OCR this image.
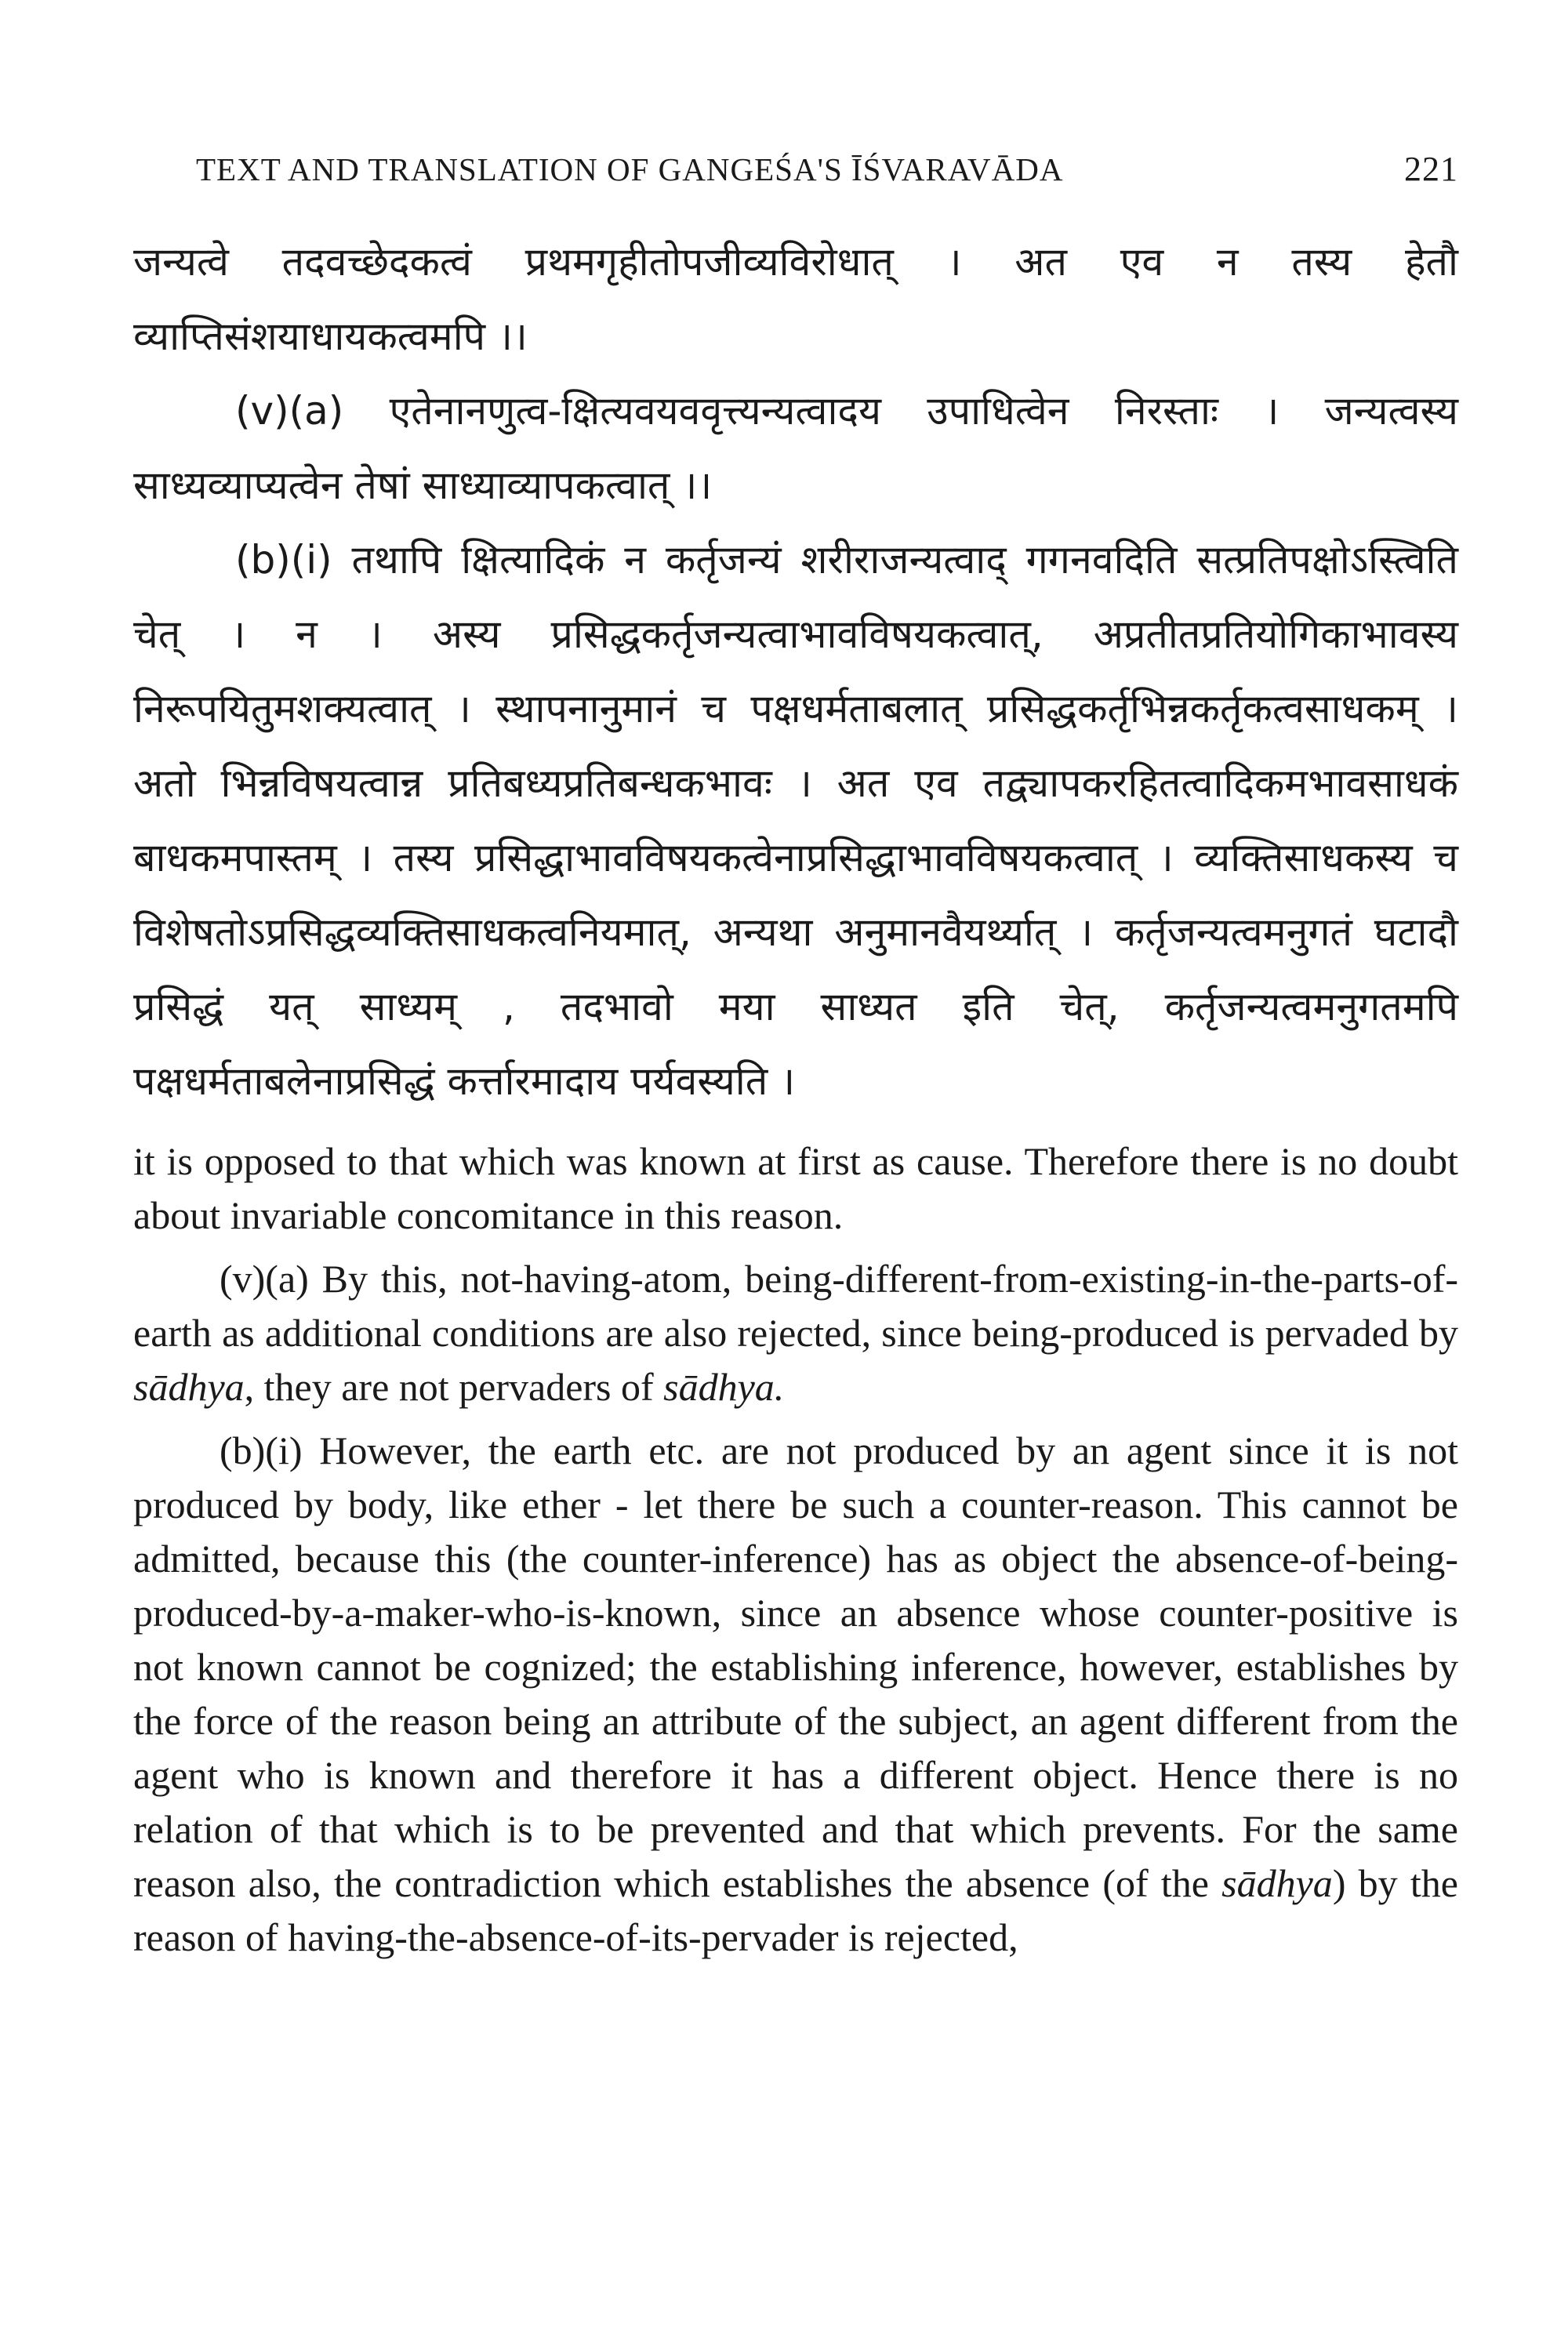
TEXT AND TRANSLATION OF GANGEŚA'S ĪŚVARAVĀDA	221

जन्यत्वे तदवच्छेदकत्वं प्रथमगृहीतोपजीव्यविरोधात् । अत एव न तस्य हेतौ व्याप्तिसंशयाधायकत्वमपि ।।

(v)(a) एतेनानणुत्व-क्षित्यवयववृत्त्यन्यत्वादय उपाधित्वेन निरस्ताः । जन्यत्वस्य साध्यव्याप्यत्वेन तेषां साध्याव्यापकत्वात् ।।

(b)(i) तथापि क्षित्यादिकं न कर्तृजन्यं शरीराजन्यत्वाद् गगनवदिति सत्प्रतिपक्षोऽस्त्विति चेत् । न । अस्य प्रसिद्धकर्तृजन्यत्वाभावविषयकत्वात्, अप्रतीतप्रतियोगिकाभावस्य निरूपयितुमशक्यत्वात् । स्थापनानुमानं च पक्षधर्मताबलात् प्रसिद्धकर्तृभिन्नकर्तृकत्वसाधकम् । अतो भिन्नविषयत्वान्न प्रतिबध्यप्रतिबन्धकभावः । अत एव तद्व्यापकरहितत्वादिकमभावसाधकं बाधकमपास्तम् । तस्य प्रसिद्धाभावविषयकत्वेनाप्रसिद्धाभावविषयकत्वात् । व्यक्तिसाधकस्य च विशेषतोऽप्रसिद्धव्यक्तिसाधकत्वनियमात्, अन्यथा अनुमानवैयर्थ्यात् । कर्तृजन्यत्वमनुगतं घटादौ प्रसिद्धं यत् साध्यम् , तदभावो मया साध्यत इति चेत्, कर्तृजन्यत्वमनुगतमपि पक्षधर्मताबलेनाप्रसिद्धं कर्त्तारमादाय पर्यवस्यति ।

it is opposed to that which was known at first as cause. Therefore there is no doubt about invariable concomitance in this reason.

(v)(a) By this, not-having-atom, being-different-from-existing-in-the-parts-of-earth as additional conditions are also rejected, since being-produced is pervaded by sādhya, they are not pervaders of sādhya.

(b)(i) However, the earth etc. are not produced by an agent since it is not produced by body, like ether - let there be such a counter-reason. This cannot be admitted, because this (the counter-inference) has as object the absence-of-being-produced-by-a-maker-who-is-known, since an absence whose counter-positive is not known cannot be cognized; the establishing inference, however, establishes by the force of the reason being an attribute of the subject, an agent different from the agent who is known and therefore it has a different object. Hence there is no relation of that which is to be prevented and that which prevents. For the same reason also, the contradiction which establishes the absence (of the sādhya) by the reason of having-the-absence-of-its-pervader is rejected,
